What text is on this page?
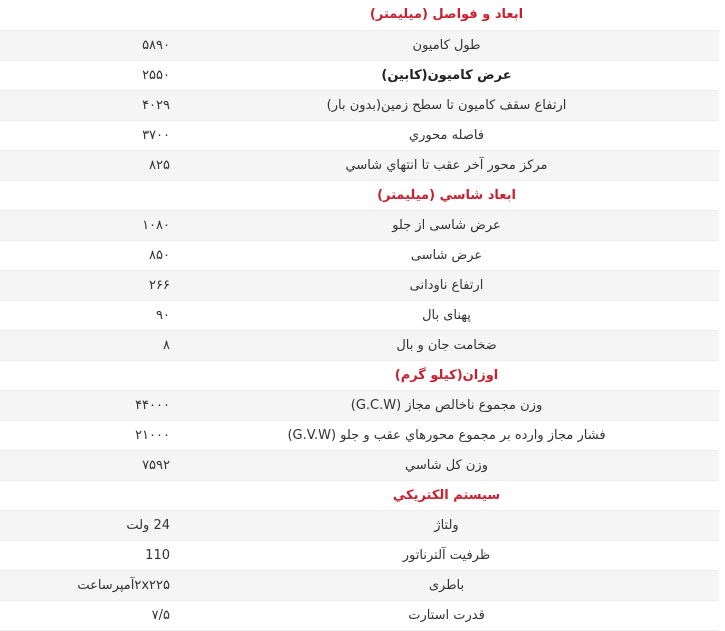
	ابعاد و فواصل (میلیمتر)
۵۸۹۰	طول کامیون
۲۵۵۰	عرض کامیون(کابین)
۴۰۲۹	ارتفاع سقف کامیون تا سطح زمین(بدون بار)
۳۷۰۰	فاصله محوري
۸۲۵	مرکز محور آخر عقب تا انتهاي شاسي
	ابعاد شاسي (میلیمتر)
۱۰۸۰	عرض شاسی از جلو
۸۵۰	عرض شاسی
۲۶۶	ارتفاع ناودانی
۹۰	پهنای بال
۸	ضخامت جان و بال
	اوزان(کیلو گرم)
۴۴۰۰۰	وزن مجموع ناخالص مجاز (G.C.W)
۲۱۰۰۰	فشار مجاز وارده بر مجموع محورهاي عقب و جلو (G.V.W)
۷۵۹۲	وزن کل شاسي
	سیستم الکتریکي
24 ولت	ولتاژ
110	ظرفیت آلترناتور
۲x۲۲۵آمپرساعت	باطری
۷/۵	قدرت استارت
